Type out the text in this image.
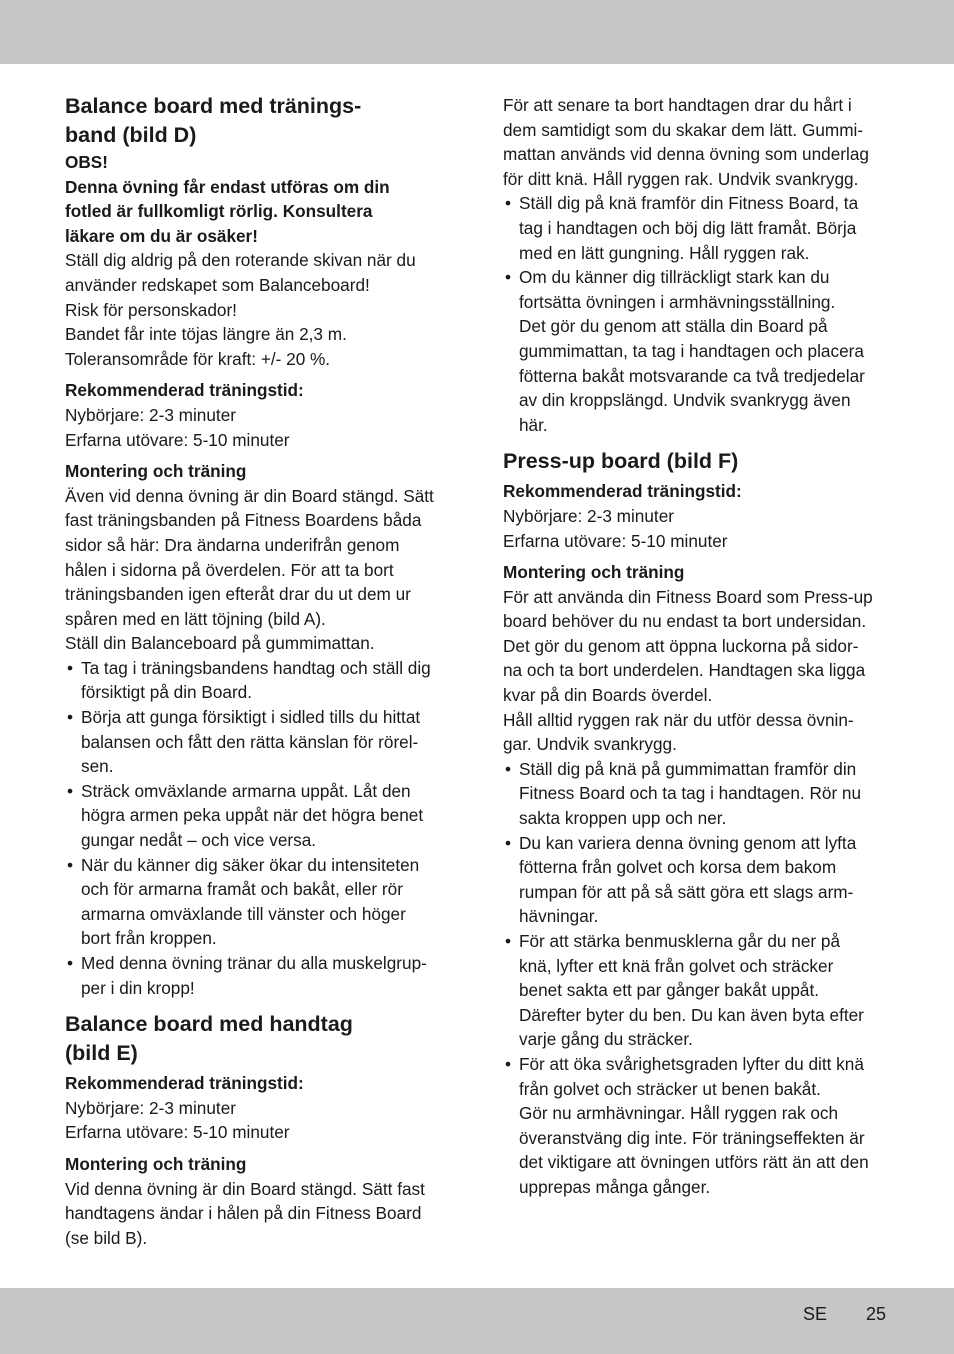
Balance board med tränings-
band (bild D)
OBS!
Denna övning får endast utföras om din
fotled är fullkomligt rörlig. Konsultera
läkare om du är osäker!
Ställ dig aldrig på den roterande skivan när du
använder redskapet som Balanceboard!
Risk för personskador!
Bandet får inte töjas längre än 2,3 m.
Toleransområde för kraft: +/- 20 %.
Rekommenderad träningstid:
Nybörjare: 2-3 minuter
Erfarna utövare: 5-10 minuter
Montering och träning
Även vid denna övning är din Board stängd. Sätt
fast träningsbanden på Fitness Boardens båda
sidor så här: Dra ändarna underifrån genom
hålen i sidorna på överdelen. För att ta bort
träningsbanden igen efteråt drar du ut dem ur
spåren med en lätt töjning (bild A).
Ställ din Balanceboard på gummimattan.
• Ta tag i träningsbandens handtag och ställ dig
försiktigt på din Board.
• Börja att gunga försiktigt i sidled tills du hittat
balansen och fått den rätta känslan för rörel-
sen.
• Sträck omväxlande armarna uppåt. Låt den
högra armen peka uppåt när det högra benet
gungar nedåt – och vice versa.
• När du känner dig säker ökar du intensiteten
och för armarna framåt och bakåt, eller rör
armarna omväxlande till vänster och höger
bort från kroppen.
• Med denna övning tränar du alla muskelgrup-
per i din kropp!
Balance board med handtag
(bild E)
Rekommenderad träningstid:
Nybörjare: 2-3 minuter
Erfarna utövare: 5-10 minuter
Montering och träning
Vid denna övning är din Board stängd. Sätt fast
handtagens ändar i hålen på din Fitness Board
(se bild B).
För att senare ta bort handtagen drar du hårt i
dem samtidigt som du skakar dem lätt. Gummi-
mattan används vid denna övning som underlag
för ditt knä. Håll ryggen rak. Undvik svankrygg.
• Ställ dig på knä framför din Fitness Board, ta
tag i handtagen och böj dig lätt framåt. Börja
med en lätt gungning. Håll ryggen rak.
• Om du känner dig tillräckligt stark kan du
fortsätta övningen i armhävningsställning.
Det gör du genom att ställa din Board på
gummimattan, ta tag i handtagen och placera
fötterna bakåt motsvarande ca två tredjedelar
av din kroppslängd. Undvik svankrygg även
här.
Press-up board (bild F)
Rekommenderad träningstid:
Nybörjare: 2-3 minuter
Erfarna utövare: 5-10 minuter
Montering och träning
För att använda din Fitness Board som Press-up
board behöver du nu endast ta bort undersidan.
Det gör du genom att öppna luckorna på sidor-
na och ta bort underdelen. Handtagen ska ligga
kvar på din Boards överdel.
Håll alltid ryggen rak när du utför dessa övnin-
gar. Undvik svankrygg.
• Ställ dig på knä på gummimattan framför din
Fitness Board och ta tag i handtagen. Rör nu
sakta kroppen upp och ner.
• Du kan variera denna övning genom att lyfta
fötterna från golvet och korsa dem bakom
rumpan för att på så sätt göra ett slags arm-
hävningar.
• För att stärka benmusklerna går du ner på
knä, lyfter ett knä från golvet och sträcker
benet sakta ett par gånger bakåt uppåt.
Därefter byter du ben. Du kan även byta efter
varje gång du sträcker.
• För att öka svårighetsgraden lyfter du ditt knä
från golvet och sträcker ut benen bakåt.
Gör nu armhävningar. Håll ryggen rak och
överanstväng dig inte. För träningseffekten är
det viktigare att övningen utförs rätt än att den
upprepas många gånger.
SE 25
